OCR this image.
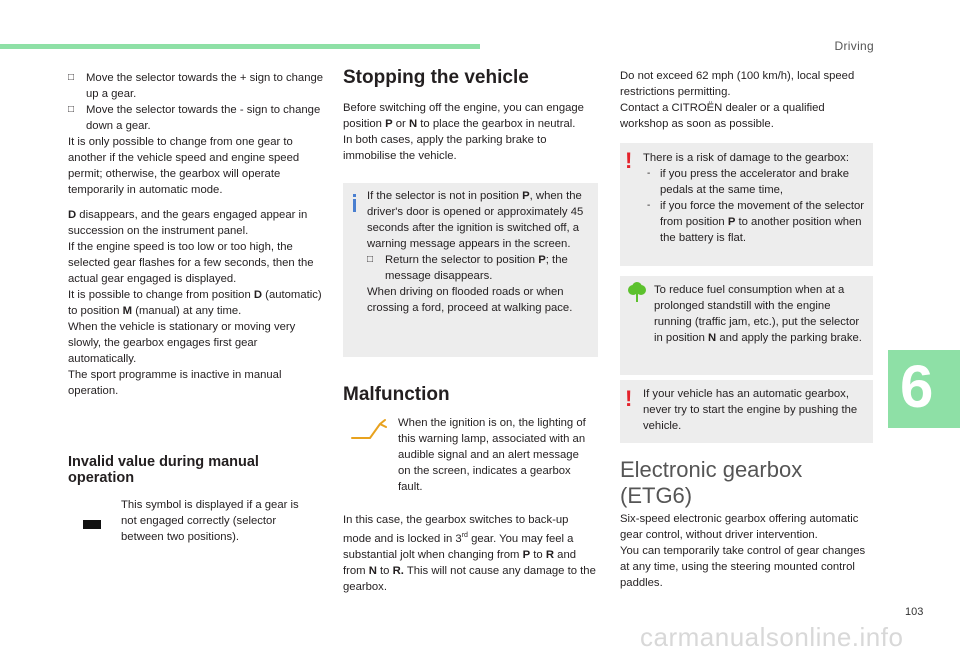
Driving
6
103
carmanualsonline.info
□ Move the selector towards the + sign to change up a gear.
□ Move the selector towards the - sign to change down a gear.
It is only possible to change from one gear to another if the vehicle speed and engine speed permit; otherwise, the gearbox will operate temporarily in automatic mode.
D disappears, and the gears engaged appear in succession on the instrument panel.
If the engine speed is too low or too high, the selected gear flashes for a few seconds, then the actual gear engaged is displayed.
It is possible to change from position D (automatic) to position M (manual) at any time.
When the vehicle is stationary or moving very slowly, the gearbox engages first gear automatically.
The sport programme is inactive in manual operation.
Invalid value during manual
operation
This symbol is displayed if a gear is not engaged correctly (selector between two positions).
Stopping the vehicle
Before switching off the engine, you can engage position P or N to place the gearbox in neutral.
In both cases, apply the parking brake to immobilise the vehicle.
If the selector is not in position P, when the driver's door is opened or approximately 45 seconds after the ignition is switched off, a warning message appears in the screen.
□ Return the selector to position P; the message disappears.
When driving on flooded roads or when crossing a ford, proceed at walking pace.
Malfunction
When the ignition is on, the lighting of this warning lamp, associated with an audible signal and an alert message on the screen, indicates a gearbox fault.
In this case, the gearbox switches to back-up mode and is locked in 3rd gear. You may feel a substantial jolt when changing from P to R and from N to R. This will not cause any damage to the gearbox.
Do not exceed 62 mph (100 km/h), local speed restrictions permitting.
Contact a CITROËN dealer or a qualified workshop as soon as possible.
! There is a risk of damage to the gearbox:
- if you press the accelerator and brake pedals at the same time,
- if you force the movement of the selector from position P to another position when the battery is flat.
To reduce fuel consumption when at a prolonged standstill with the engine running (traffic jam, etc.), put the selector in position N and apply the parking brake.
! If your vehicle has an automatic gearbox, never try to start the engine by pushing the vehicle.
Electronic gearbox
(ETG6)
Six-speed electronic gearbox offering automatic gear control, without driver intervention.
You can temporarily take control of gear changes at any time, using the steering mounted control paddles.
